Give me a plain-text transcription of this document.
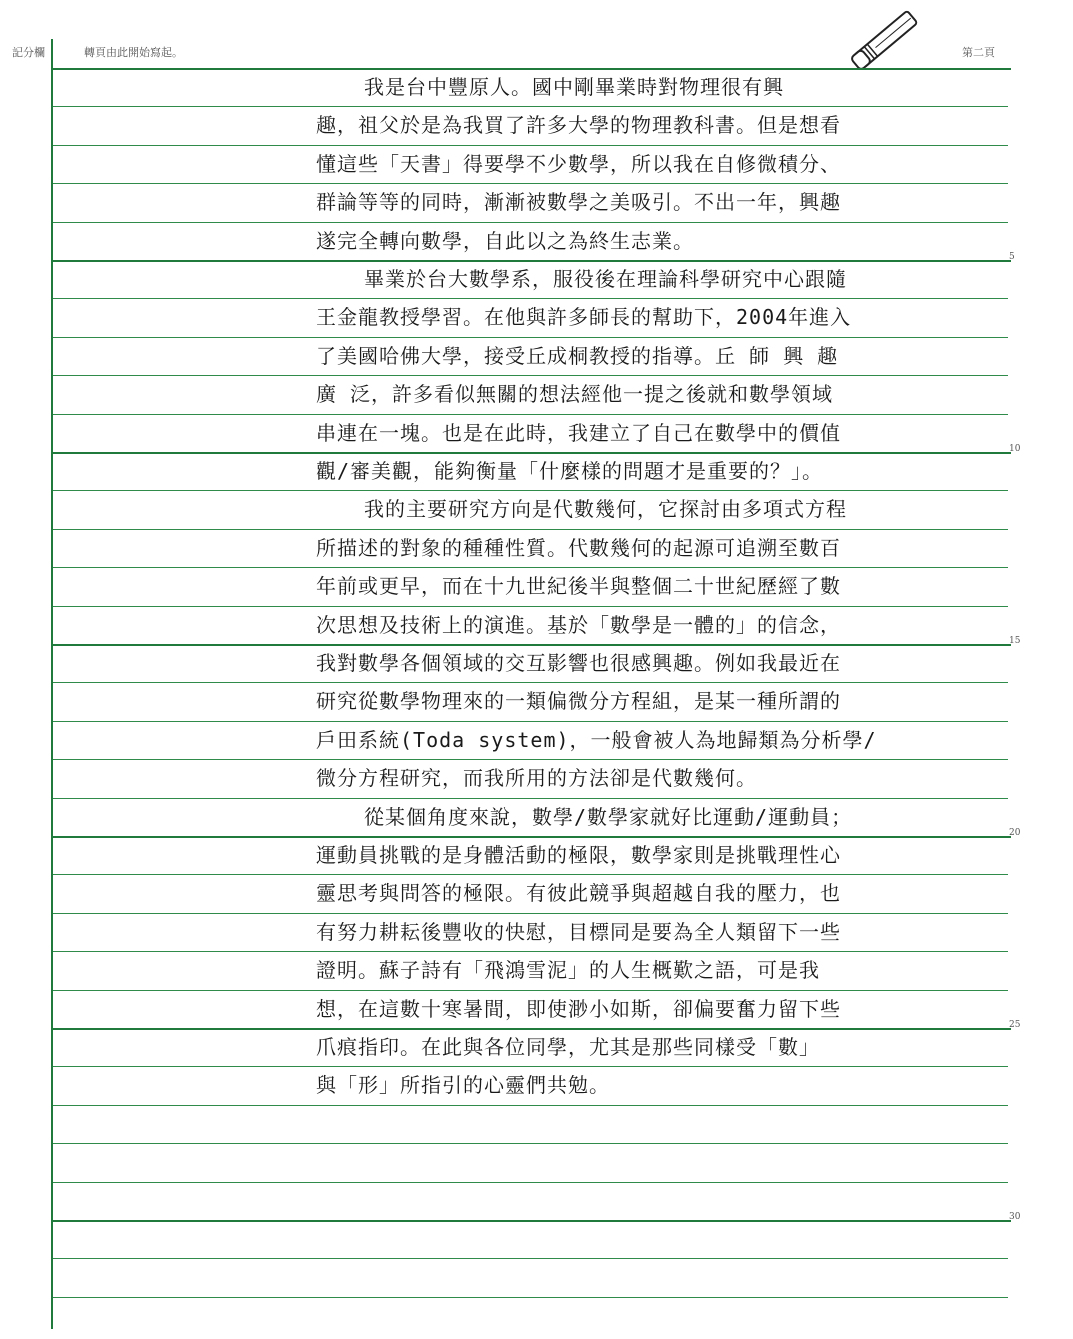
記分欄	轉頁由此開始寫起。	第二頁
5
10
15
20
25
30
我是台中豐原人。國中剛畢業時對物理很有興
趣，祖父於是為我買了許多大學的物理教科書。但是想看
懂這些「天書」得要學不少數學，所以我在自修微積分、
群論等等的同時，漸漸被數學之美吸引。不出一年，興趣
遂完全轉向數學，自此以之為終生志業。
畢業於台大數學系，服役後在理論科學研究中心跟隨
王金龍教授學習。在他與許多師長的幫助下，2004年進入
了美國哈佛大學，接受丘成桐教授的指導。丘 師 興 趣
廣 泛，許多看似無關的想法經他一提之後就和數學領域
串連在一塊。也是在此時，我建立了自己在數學中的價值
觀/審美觀，能夠衡量「什麼樣的問題才是重要的？」。
我的主要研究方向是代數幾何，它探討由多項式方程
所描述的對象的種種性質。代數幾何的起源可追溯至數百
年前或更早，而在十九世紀後半與整個二十世紀歷經了數
次思想及技術上的演進。基於「數學是一體的」的信念，
我對數學各個領域的交互影響也很感興趣。例如我最近在
研究從數學物理來的一類偏微分方程組，是某一種所謂的
戶田系統(Toda system)，一般會被人為地歸類為分析學/
微分方程研究，而我所用的方法卻是代數幾何。
從某個角度來說，數學/數學家就好比運動/運動員；
運動員挑戰的是身體活動的極限，數學家則是挑戰理性心
靈思考與問答的極限。有彼此競爭與超越自我的壓力，也
有努力耕耘後豐收的快慰，目標同是要為全人類留下一些
證明。蘇子詩有「飛鴻雪泥」的人生概歎之語，可是我
想，在這數十寒暑間，即使渺小如斯，卻偏要奮力留下些
爪痕指印。在此與各位同學，尤其是那些同樣受「數」
與「形」所指引的心靈們共勉。
